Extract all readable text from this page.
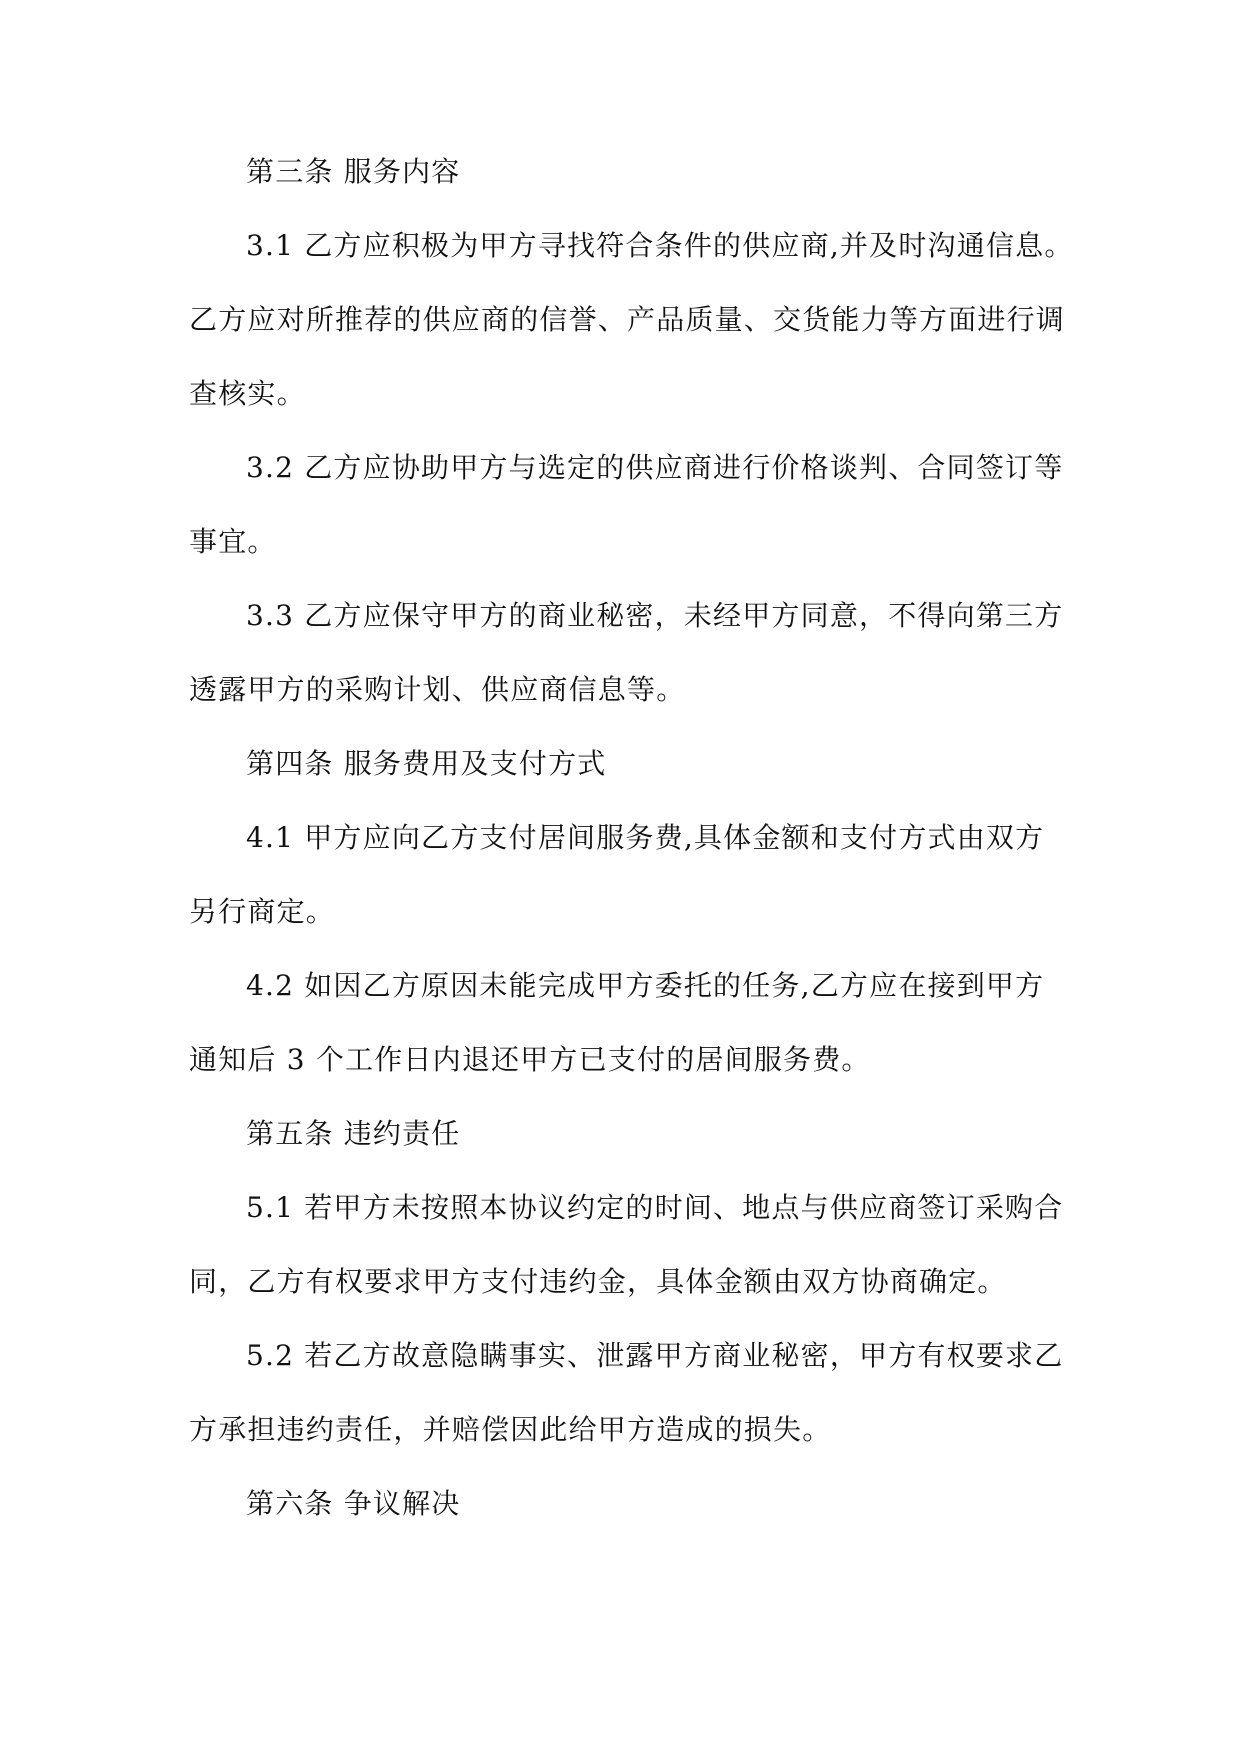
第三条 服务内容
3.1 乙方应积极为甲方寻找符合条件的供应商,并及时沟通信息。
乙方应对所推荐的供应商的信誉、产品质量、交货能力等方面进行调
查核实。
3.2 乙方应协助甲方与选定的供应商进行价格谈判、合同签订等
事宜。
3.3 乙方应保守甲方的商业秘密，未经甲方同意，不得向第三方
透露甲方的采购计划、供应商信息等。
第四条 服务费用及支付方式
4.1 甲方应向乙方支付居间服务费,具体金额和支付方式由双方
另行商定。
4.2 如因乙方原因未能完成甲方委托的任务,乙方应在接到甲方
通知后 3 个工作日内退还甲方已支付的居间服务费。
第五条 违约责任
5.1 若甲方未按照本协议约定的时间、地点与供应商签订采购合
同，乙方有权要求甲方支付违约金，具体金额由双方协商确定。
5.2 若乙方故意隐瞒事实、泄露甲方商业秘密，甲方有权要求乙
方承担违约责任，并赔偿因此给甲方造成的损失。
第六条 争议解决
